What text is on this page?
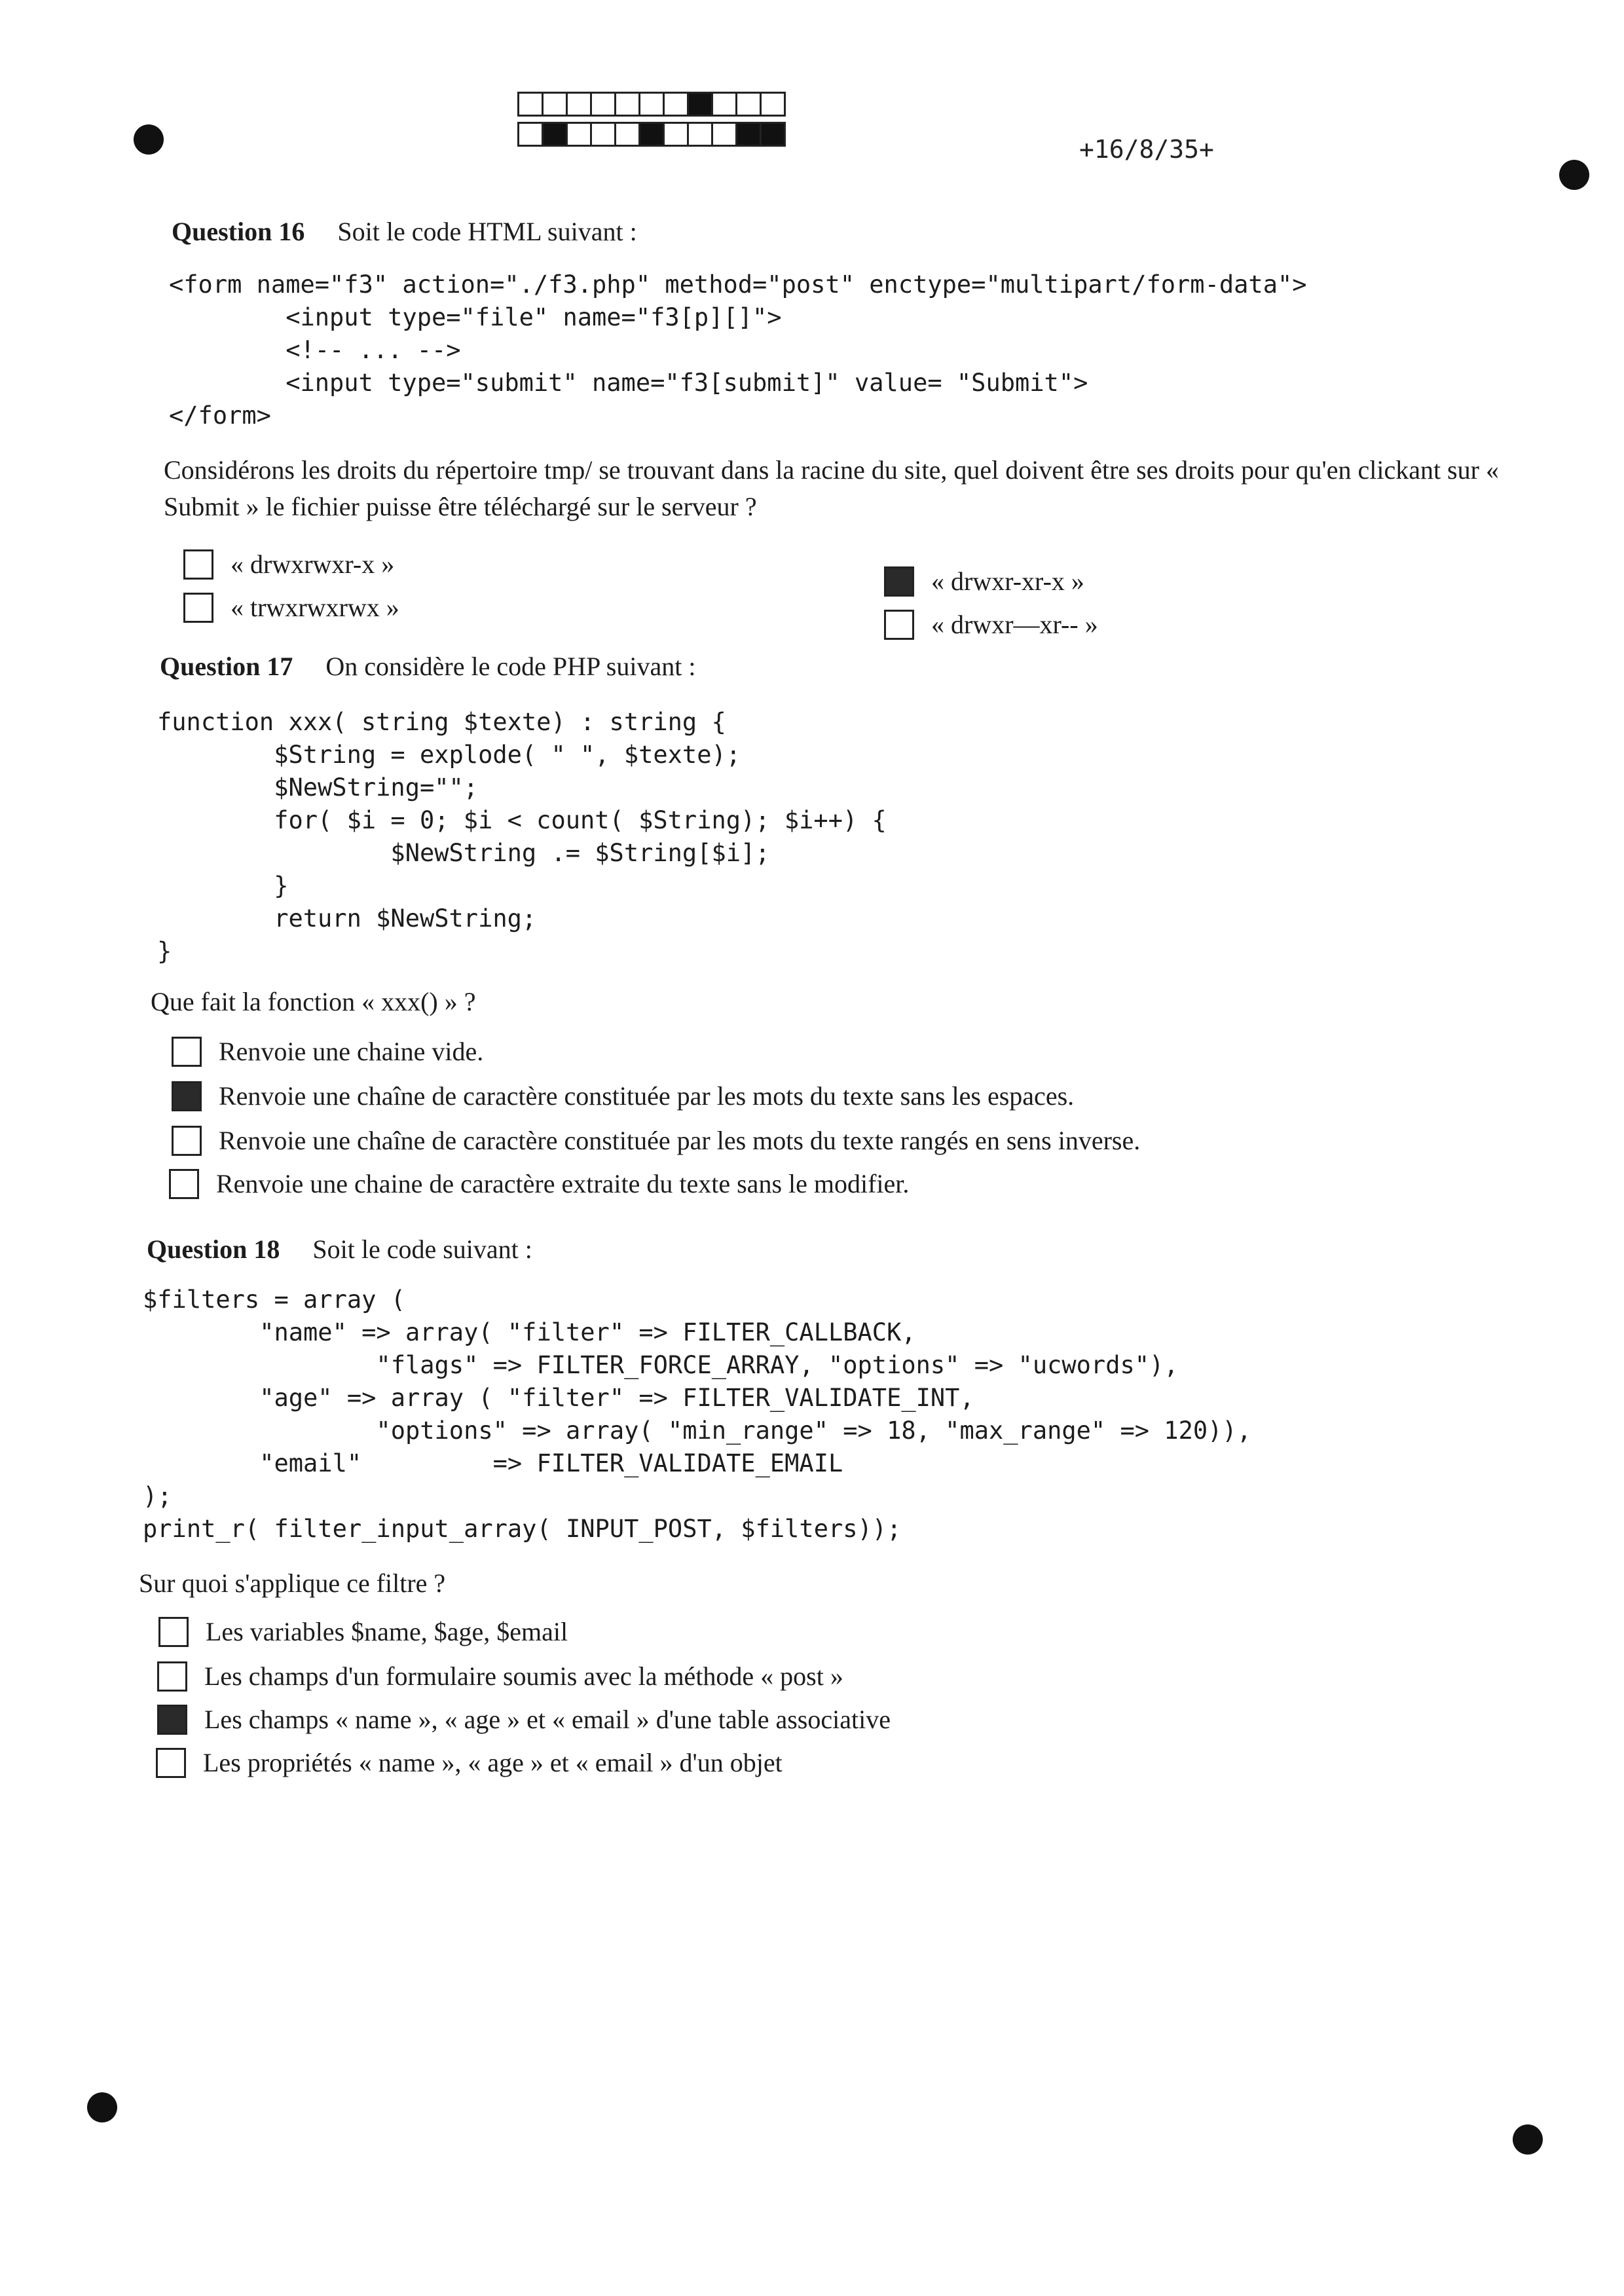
+16/8/35+
Question 16 Soit le code HTML suivant :
<form name="f3" action="./f3.php" method="post" enctype="multipart/form-data">
<input type="file" name="f3[p][]">
<!-- ... -->
<input type="submit" name="f3[submit]" value= "Submit">
</form>
Considérons les droits du répertoire tmp/ se trouvant dans la racine du site, quel doivent être ses droits pour qu'en clickant sur « Submit » le fichier puisse être téléchargé sur le serveur ?
« drwxrwxr-x »
« trwxrwxrwx »
« drwxr-xr-x »
« drwxr—xr-- »
Question 17 On considère le code PHP suivant :
function xxx( string $texte) : string {
$String = explode( " ", $texte);
$NewString="";
for( $i = 0; $i < count( $String); $i++) {
$NewString .= $String[$i];
}
return $NewString;
}
Que fait la fonction « xxx() » ?
Renvoie une chaine vide.
Renvoie une chaîne de caractère constituée par les mots du texte sans les espaces.
Renvoie une chaîne de caractère constituée par les mots du texte rangés en sens inverse.
Renvoie une chaine de caractère extraite du texte sans le modifier.
Question 18 Soit le code suivant :
$filters = array (
"name" => array( "filter" => FILTER_CALLBACK,
"flags" => FILTER_FORCE_ARRAY, "options" => "ucwords"),
"age" => array ( "filter" => FILTER_VALIDATE_INT,
"options" => array( "min_range" => 18, "max_range" => 120)),
"email"         => FILTER_VALIDATE_EMAIL
);
print_r( filter_input_array( INPUT_POST, $filters));
Sur quoi s'applique ce filtre ?
Les variables $name, $age, $email
Les champs d'un formulaire soumis avec la méthode « post »
Les champs « name », « age » et « email » d'une table associative
Les propriétés « name », « age » et « email » d'un objet
